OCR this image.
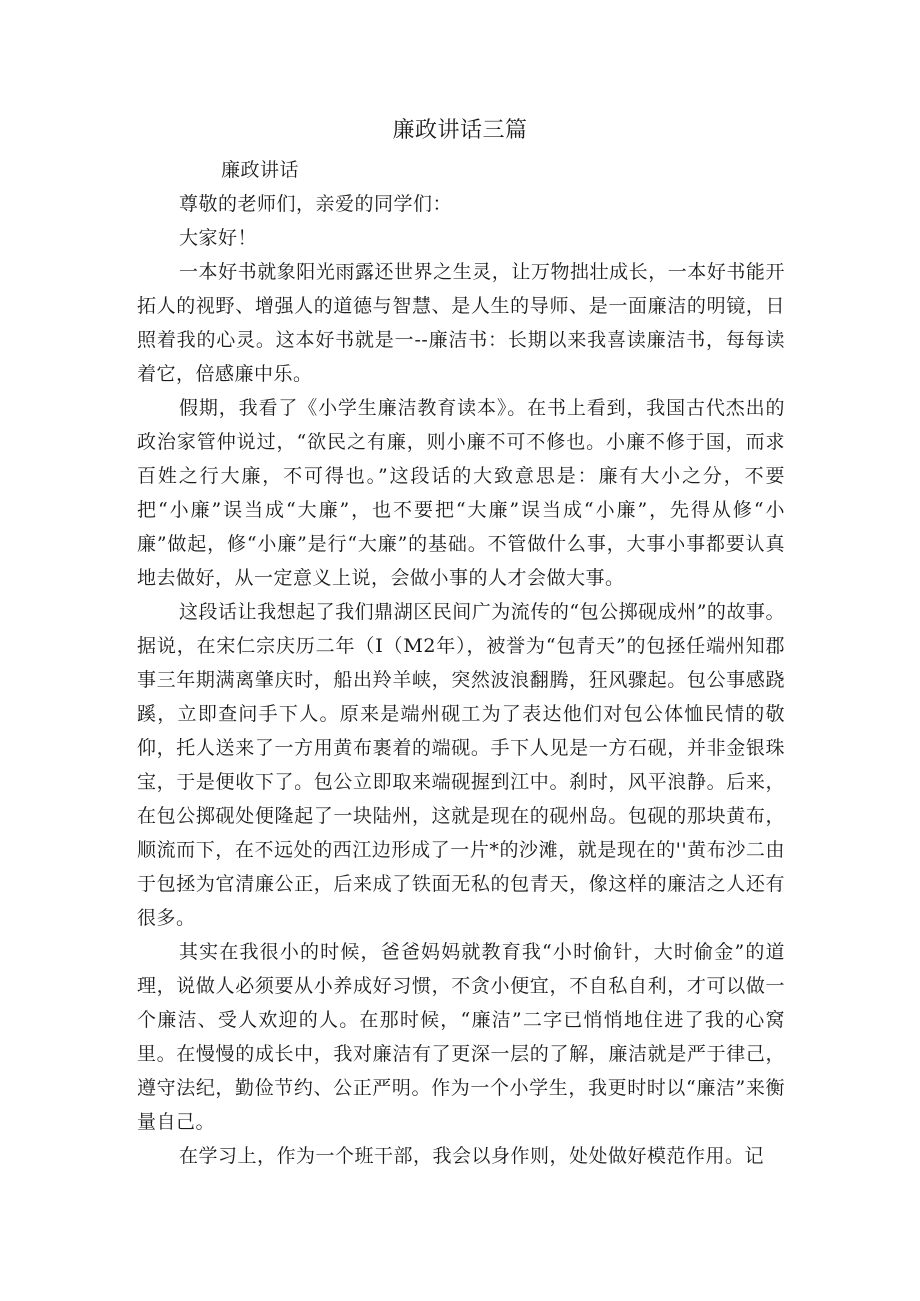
廉政讲话三篇

廉政讲话

尊敬的老师们，亲爱的同学们：

大家好！

一本好书就象阳光雨露还世界之生灵，让万物拙壮成长，一本好书能开拓人的视野、增强人的道德与智慧、是人生的导师、是一面廉洁的明镜，日照着我的心灵。这本好书就是一--廉洁书：长期以来我喜读廉洁书，每每读着它，倍感廉中乐。

假期，我看了《小学生廉洁教育读本》。在书上看到，我国古代杰出的政治家管仲说过，“欲民之有廉，则小廉不可不修也。小廉不修于国，而求百姓之行大廉，不可得也。”这段话的大致意思是：廉有大小之分，不要把“小廉”误当成“大廉”，也不要把“大廉”误当成“小廉”，先得从修“小廉”做起，修“小廉”是行“大廉”的基础。不管做什么事，大事小事都要认真地去做好，从一定意义上说，会做小事的人才会做大事。

这段话让我想起了我们鼎湖区民间广为流传的“包公掷砚成州”的故事。据说，在宋仁宗庆历二年（I（M2年），被誉为“包青天”的包拯任端州知郡事三年期满离肇庆时，船出羚羊峡，突然波浪翻腾，狂风骤起。包公事感跷蹊，立即查问手下人。原来是端州砚工为了表达他们对包公体恤民情的敬仰，托人送来了一方用黄布裹着的端砚。手下人见是一方石砚，并非金银珠宝，于是便收下了。包公立即取来端砚握到江中。刹时，风平浪静。后来，在包公掷砚处便隆起了一块陆州，这就是现在的砚州岛。包砚的那块黄布，顺流而下，在不远处的西江边形成了一片*的沙滩，就是现在的''黄布沙二由于包拯为官清廉公正，后来成了铁面无私的包青天，像这样的廉洁之人还有很多。

其实在我很小的时候，爸爸妈妈就教育我“小时偷针，大时偷金”的道理，说做人必须要从小养成好习惯，不贪小便宜，不自私自利，才可以做一个廉洁、受人欢迎的人。在那时候，“廉洁”二字已悄悄地住进了我的心窝里。在慢慢的成长中，我对廉洁有了更深一层的了解，廉洁就是严于律己，遵守法纪，勤俭节约、公正严明。作为一个小学生，我更时时以“廉洁”来衡量自己。

在学习上，作为一个班干部，我会以身作则，处处做好模范作用。记
